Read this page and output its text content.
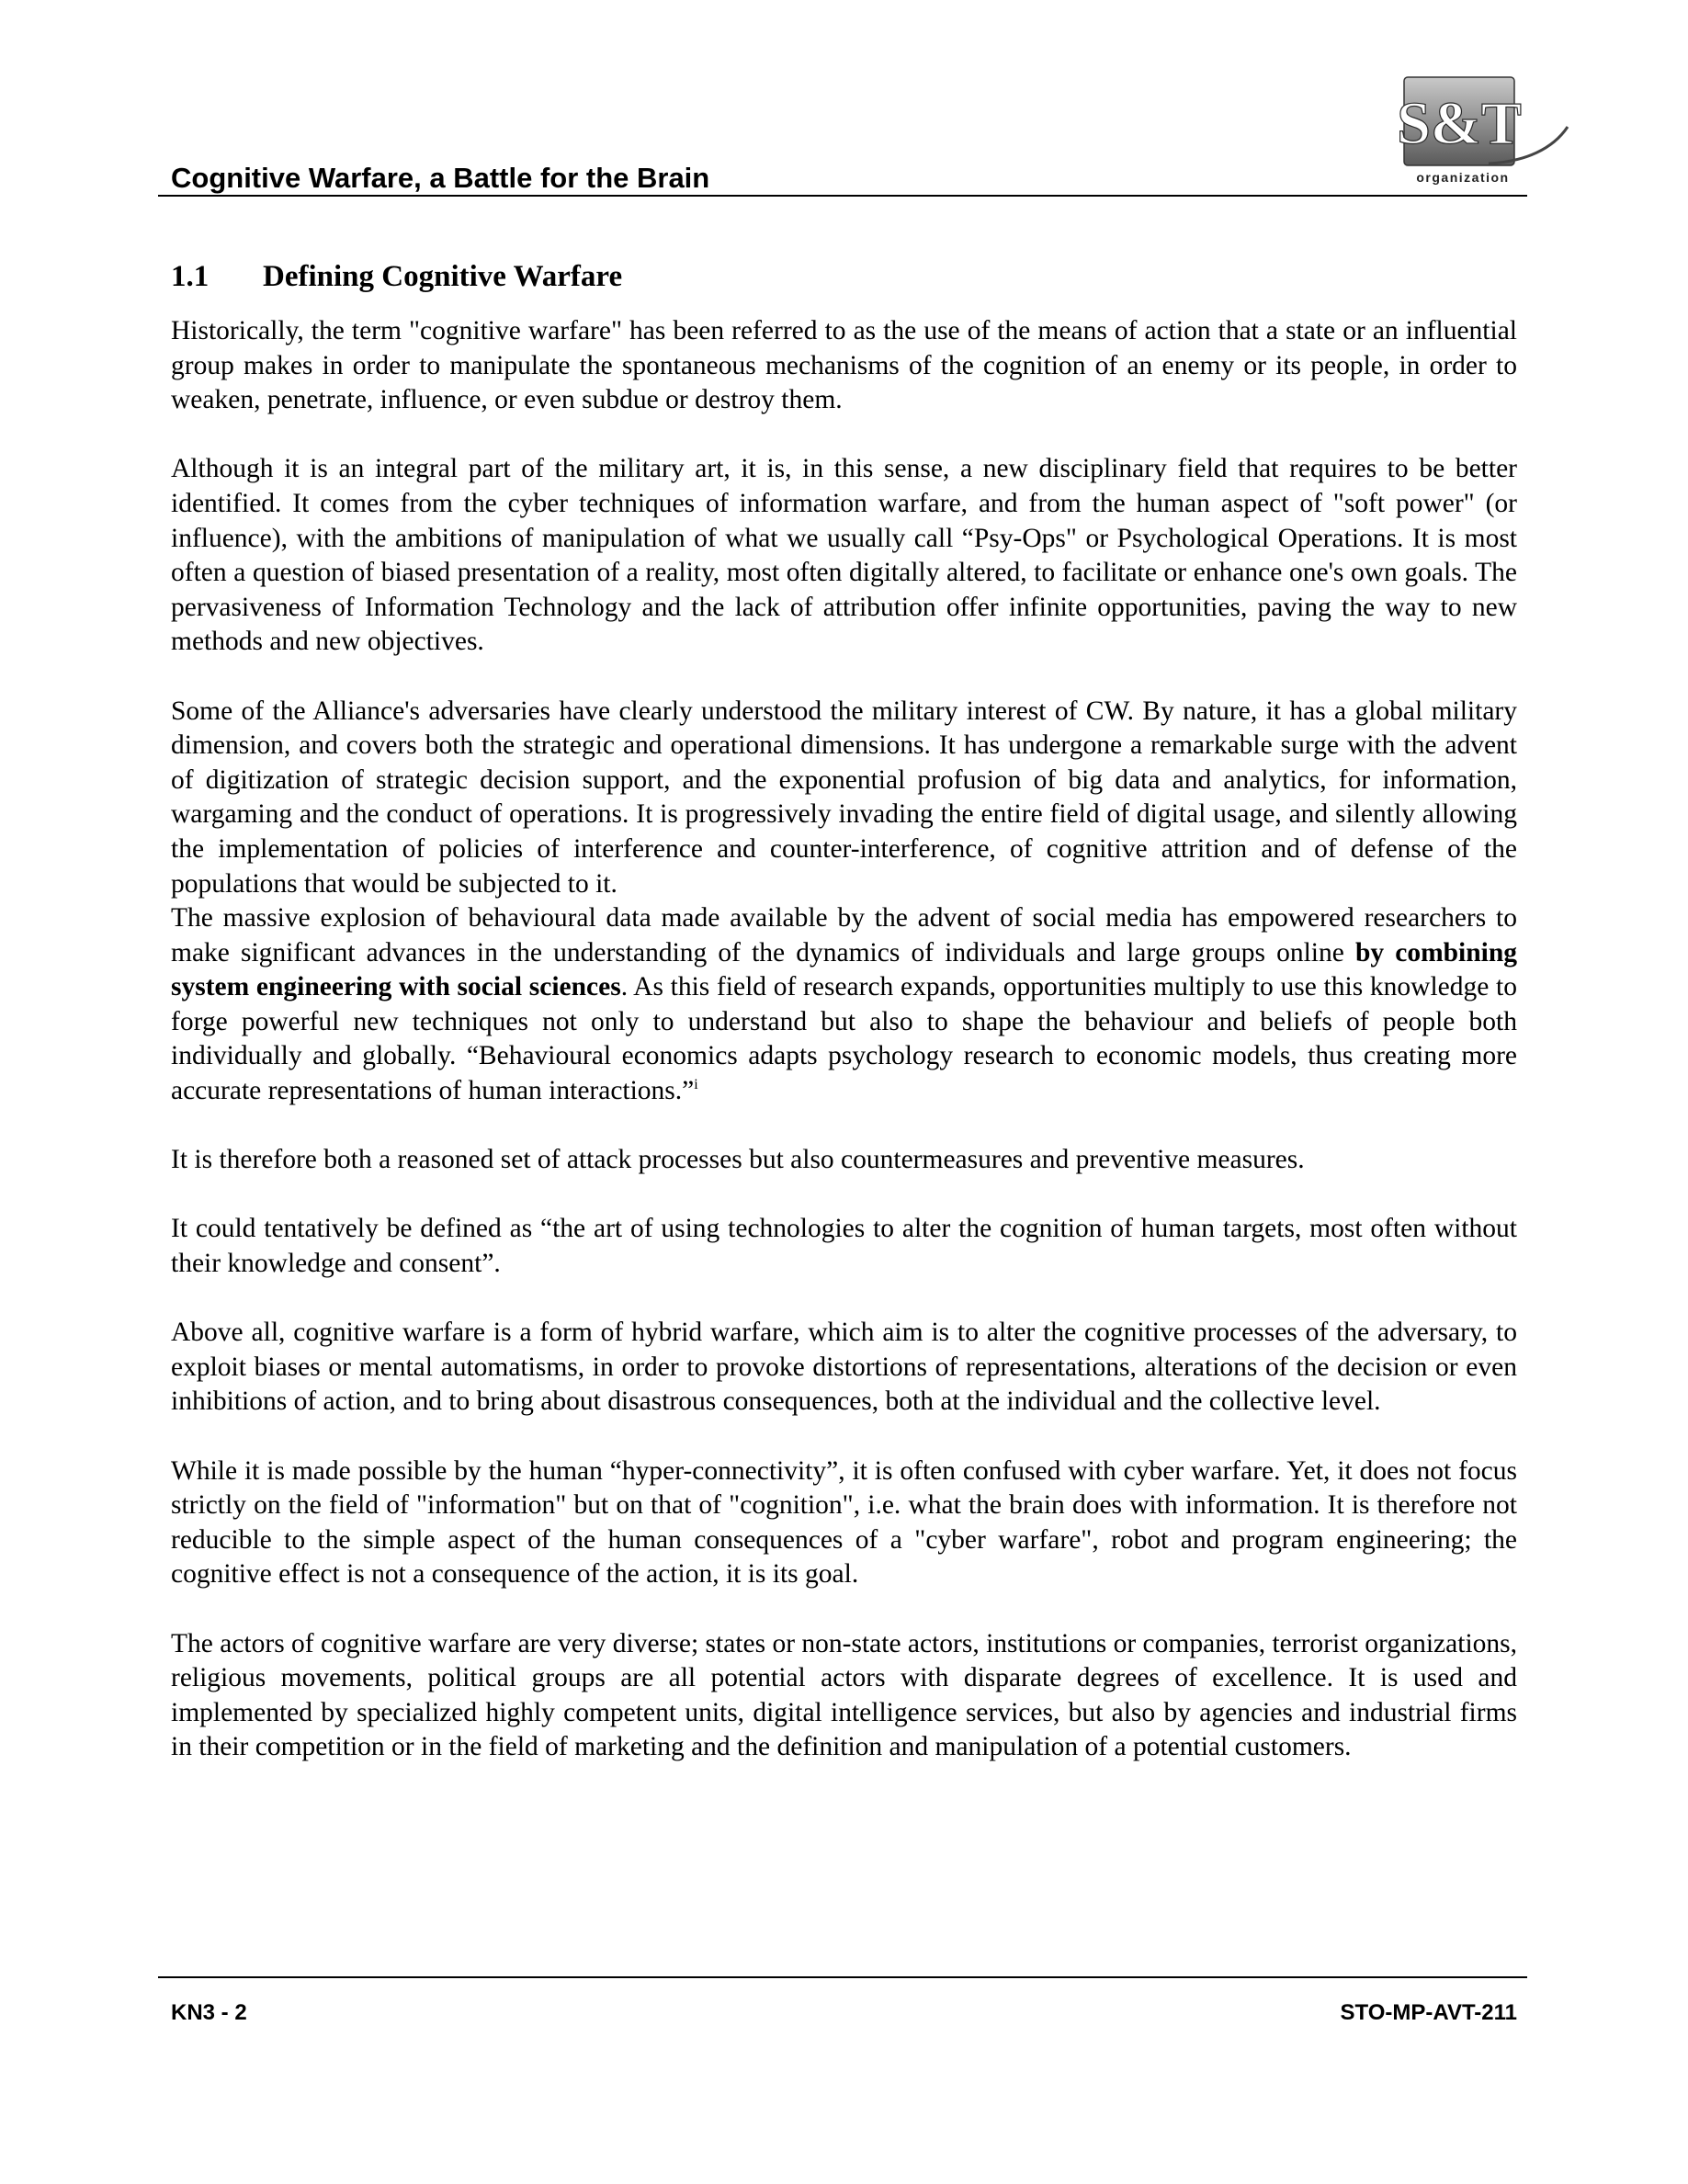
Cognitive Warfare, a Battle for the Brain
S&T
organization
1.1 Defining Cognitive Warfare

Historically, the term "cognitive warfare" has been referred to as the use of the means of action that a state or an influential group makes in order to manipulate the spontaneous mechanisms of the cognition of an enemy or its people, in order to weaken, penetrate, influence, or even subdue or destroy them.

Although it is an integral part of the military art, it is, in this sense, a new disciplinary field that requires to be better identified. It comes from the cyber techniques of information warfare, and from the human aspect of "soft power" (or influence), with the ambitions of manipulation of what we usually call “Psy-Ops" or Psychological Operations. It is most often a question of biased presentation of a reality, most often digitally altered, to facilitate or enhance one's own goals. The pervasiveness of Information Technology and the lack of attribution offer infinite opportunities, paving the way to new methods and new objectives.

Some of the Alliance's adversaries have clearly understood the military interest of CW. By nature, it has a global military dimension, and covers both the strategic and operational dimensions. It has undergone a remarkable surge with the advent of digitization of strategic decision support, and the exponential profusion of big data and analytics, for information, wargaming and the conduct of operations. It is progressively invading the entire field of digital usage, and silently allowing the implementation of policies of interference and counter-interference, of cognitive attrition and of defense of the populations that would be subjected to it.

The massive explosion of behavioural data made available by the advent of social media has empowered researchers to make significant advances in the understanding of the dynamics of individuals and large groups online by combining system engineering with social sciences. As this field of research expands, opportunities multiply to use this knowledge to forge powerful new techniques not only to understand but also to shape the behaviour and beliefs of people both individually and globally. “Behavioural economics adapts psychology research to economic models, thus creating more accurate representations of human interactions.”$^i$

It is therefore both a reasoned set of attack processes but also countermeasures and preventive measures.

It could tentatively be defined as “the art of using technologies to alter the cognition of human targets, most often without their knowledge and consent”.

Above all, cognitive warfare is a form of hybrid warfare, which aim is to alter the cognitive processes of the adversary, to exploit biases or mental automatisms, in order to provoke distortions of representations, alterations of the decision or even inhibitions of action, and to bring about disastrous consequences, both at the individual and the collective level.

While it is made possible by the human “hyper-connectivity”, it is often confused with cyber warfare. Yet, it does not focus strictly on the field of "information" but on that of "cognition", i.e. what the brain does with information. It is therefore not reducible to the simple aspect of the human consequences of a "cyber warfare", robot and program engineering; the cognitive effect is not a consequence of the action, it is its goal.

The actors of cognitive warfare are very diverse; states or non-state actors, institutions or companies, terrorist organizations, religious movements, political groups are all potential actors with disparate degrees of excellence. It is used and implemented by specialized highly competent units, digital intelligence services, but also by agencies and industrial firms in their competition or in the field of marketing and the definition and manipulation of a potential customers.

KN3 - 2	STO-MP-AVT-211
